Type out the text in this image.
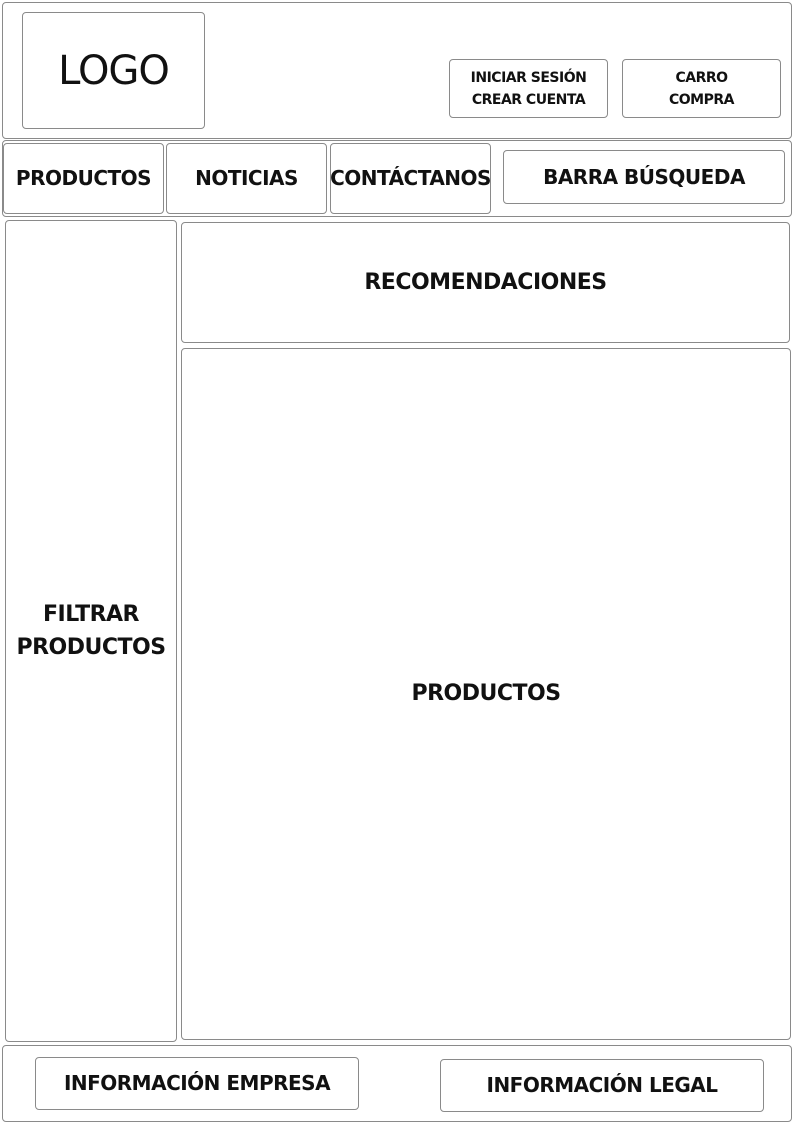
LOGO	INICIAR SESIÓN
CREAR CUENTA
CARRO
COMPRA
PRODUCTOS NOTICIAS CONTÁCTANOS	BARRA BÚSQUEDA
FILTRAR
PRODUCTOS
RECOMENDACIONES
PRODUCTOS
INFORMACIÓN EMPRESA	INFORMACIÓN LEGAL
